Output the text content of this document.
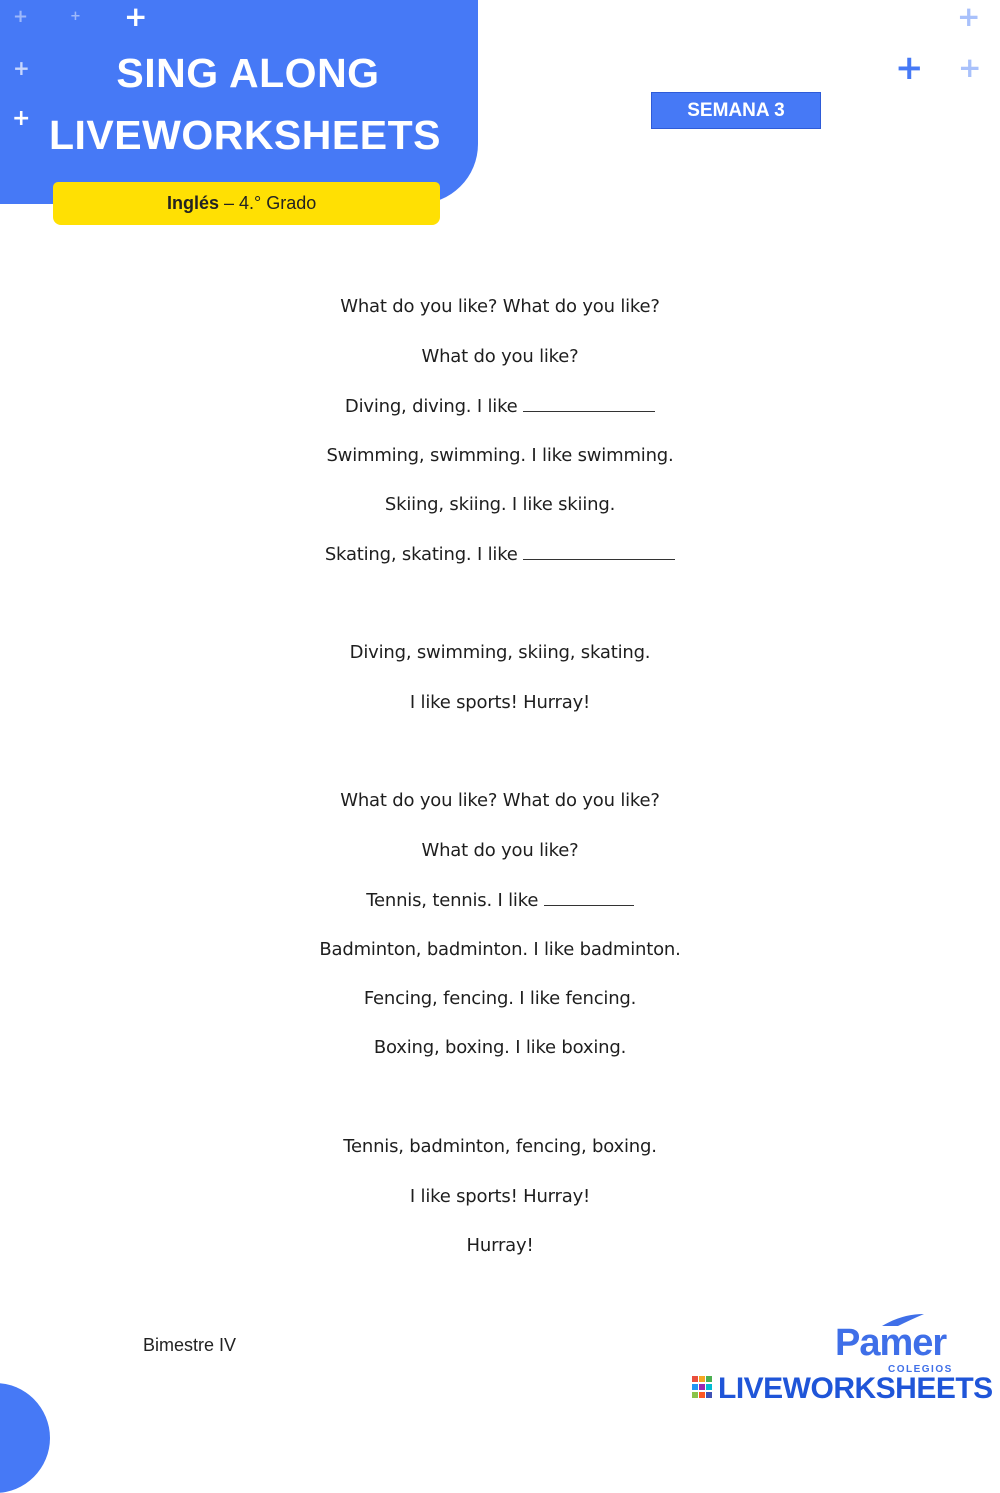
+	+ +
+
+
+
+ +
SING ALONG
LIVEWORKSHEETS
Inglés – 4.° Grado
SEMANA 3
What do you like? What do you like?
What do you like?
Diving, diving. I like
Swimming, swimming. I like swimming.
Skiing, skiing. I like skiing.
Skating, skating. I like
Diving, swimming, skiing, skating.
I like sports! Hurray!
What do you like? What do you like?
What do you like?
Tennis, tennis. I like
Badminton, badminton. I like badminton.
Fencing, fencing. I like fencing.
Boxing, boxing. I like boxing.
Tennis, badminton, fencing, boxing.
I like sports! Hurray!
Hurray!
Bimestre IV	Pamer
COLEGIOS
LIVEWORKSHEETS
